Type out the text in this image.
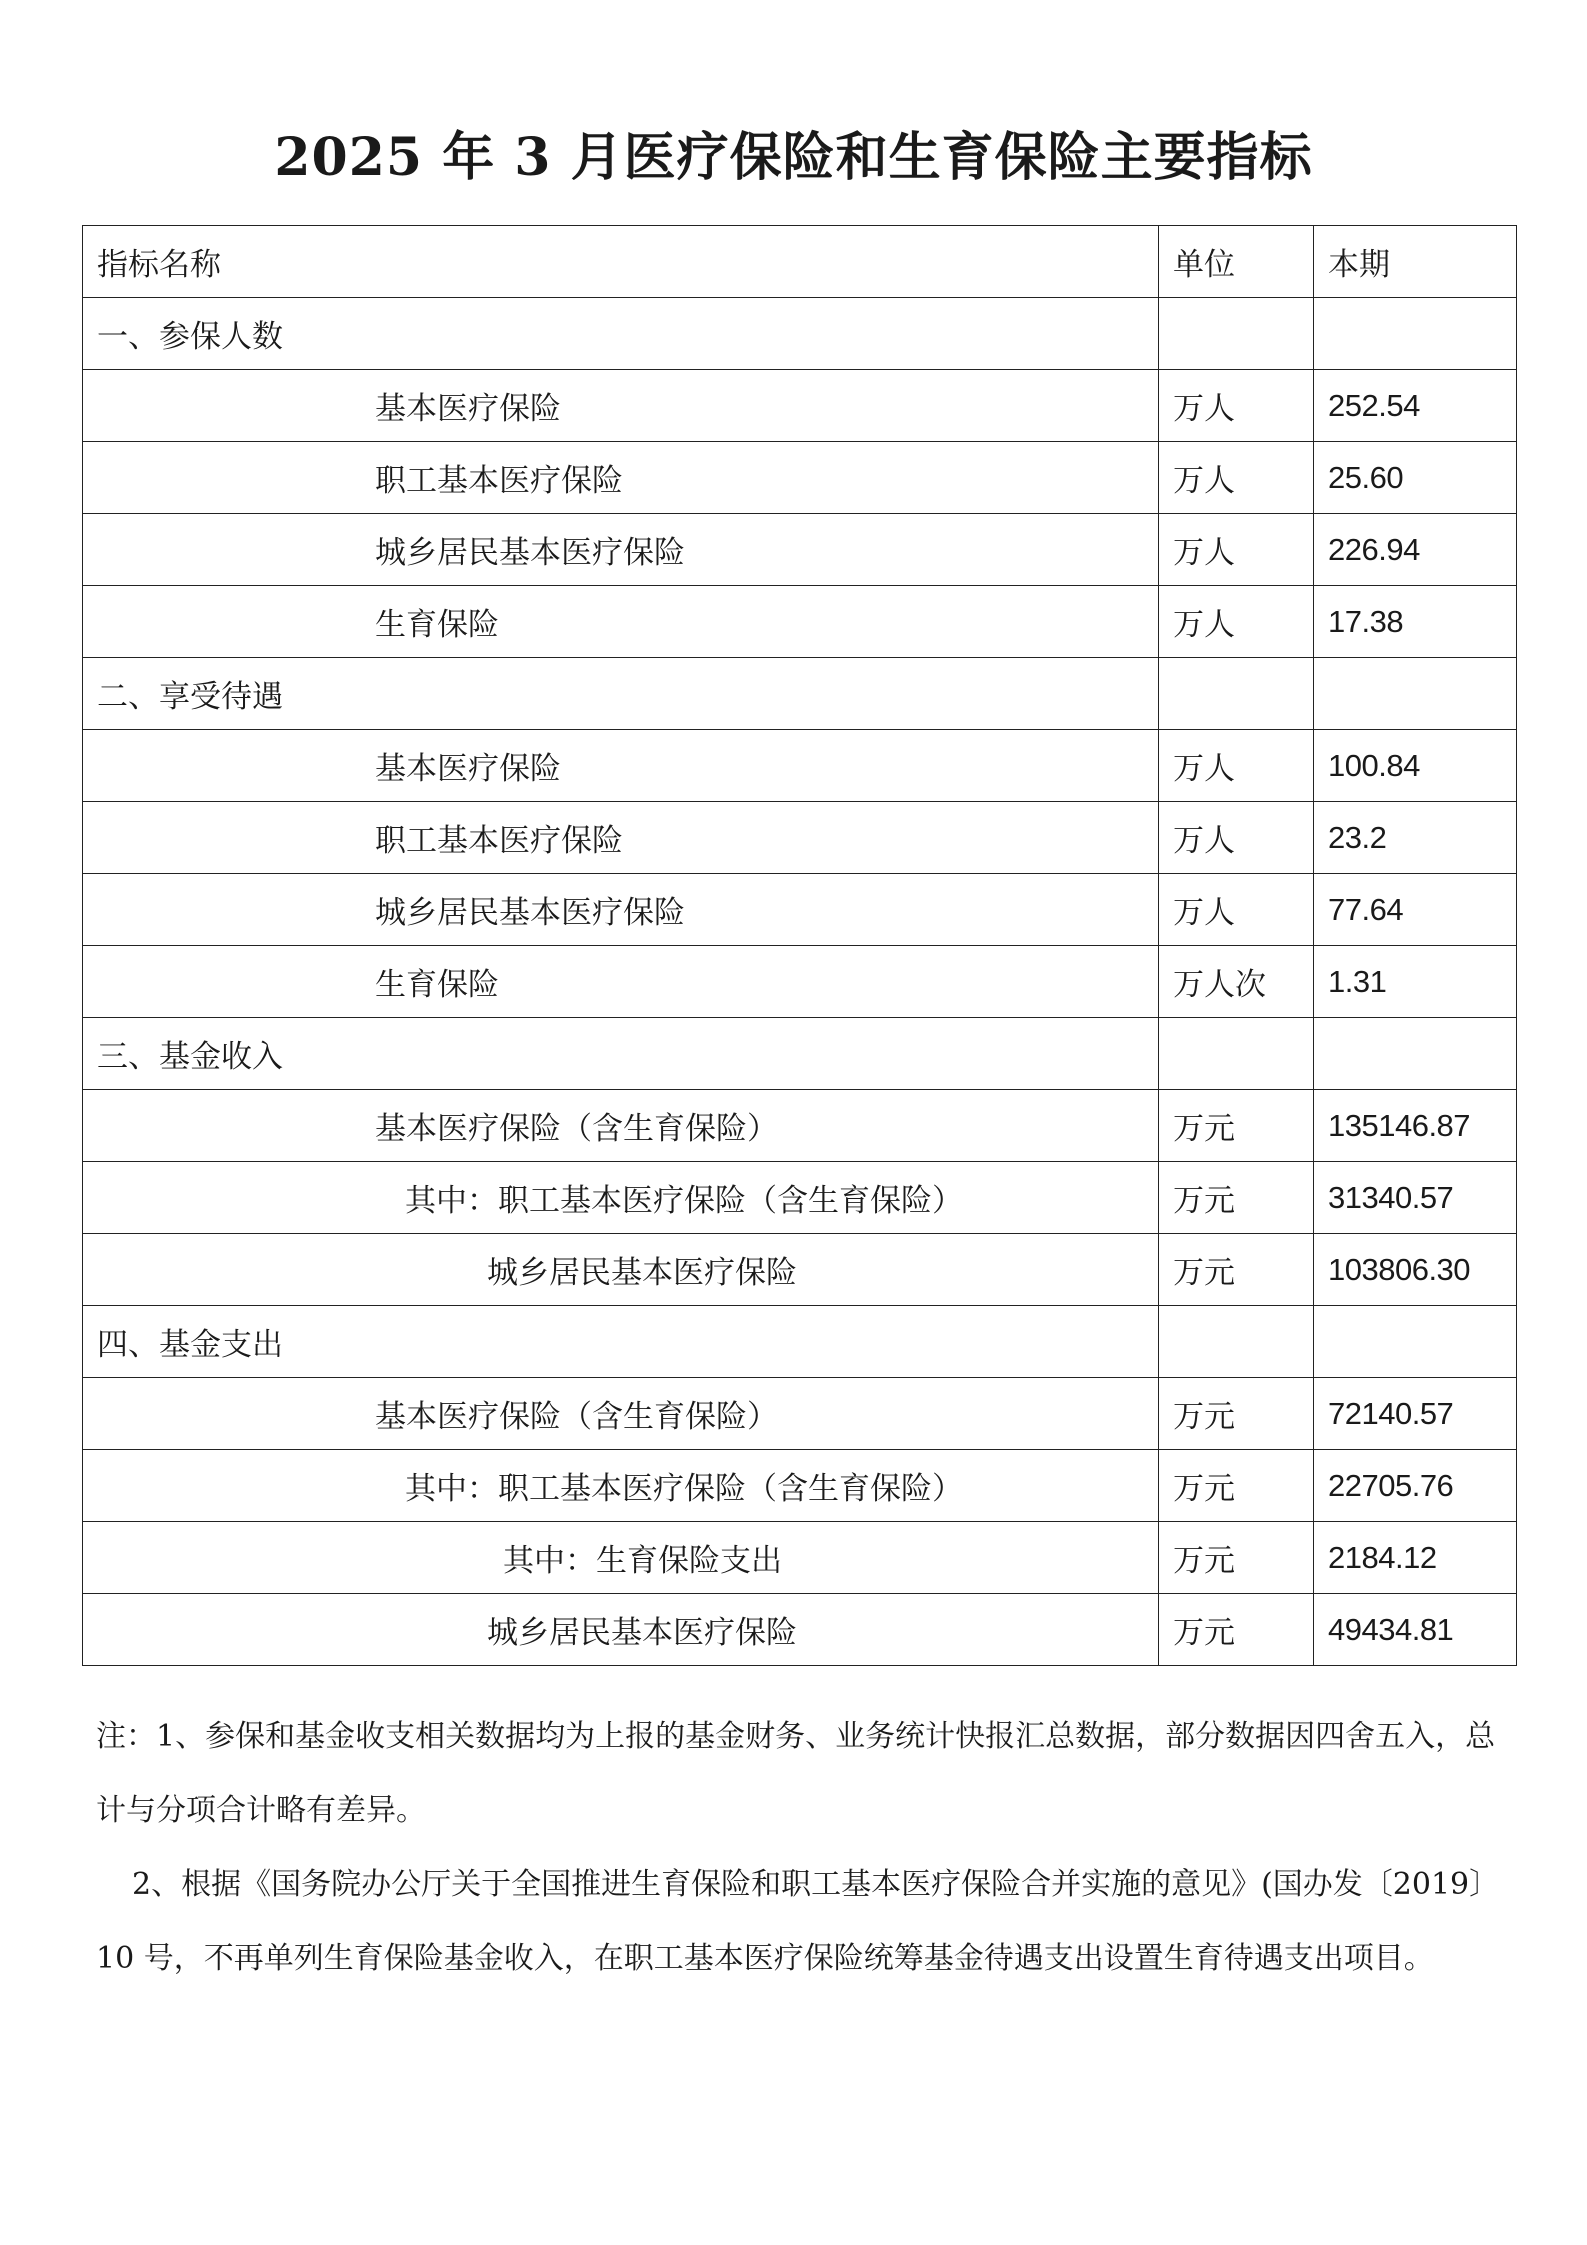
2025 年 3 月医疗保险和生育保险主要指标
指标名称	单位	本期
一、参保人数		
基本医疗保险	万人	252.54
职工基本医疗保险	万人	25.60
城乡居民基本医疗保险	万人	226.94
生育保险	万人	17.38
二、享受待遇		
基本医疗保险	万人	100.84
职工基本医疗保险	万人	23.2
城乡居民基本医疗保险	万人	77.64
生育保险	万人次	1.31
三、基金收入		
基本医疗保险（含生育保险）	万元	135146.87
其中：职工基本医疗保险（含生育保险）	万元	31340.57
城乡居民基本医疗保险	万元	103806.30
四、基金支出		
基本医疗保险（含生育保险）	万元	72140.57
其中：职工基本医疗保险（含生育保险）	万元	22705.76
其中：生育保险支出	万元	2184.12
城乡居民基本医疗保险	万元	49434.81

注：1、参保和基金收支相关数据均为上报的基金财务、业务统计快报汇总数据，部分数据因四舍五入，总计与分项合计略有差异。

2、根据《国务院办公厅关于全国推进生育保险和职工基本医疗保险合并实施的意见》(国办发〔2019〕10 号，不再单列生育保险基金收入，在职工基本医疗保险统筹基金待遇支出设置生育待遇支出项目。
